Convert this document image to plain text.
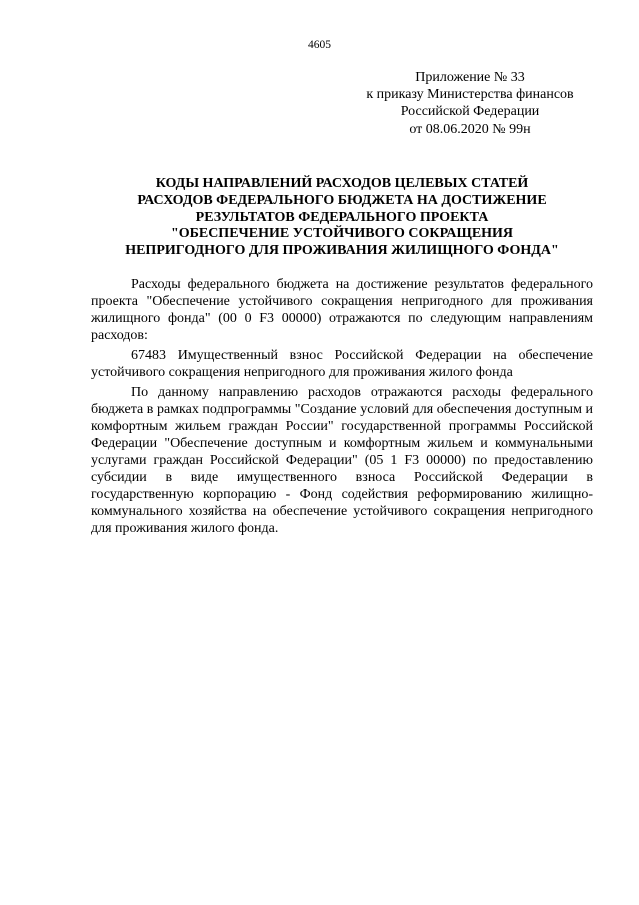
4605
Приложение № 33
к приказу Министерства финансов
Российской Федерации
от 08.06.2020 № 99н
КОДЫ НАПРАВЛЕНИЙ РАСХОДОВ ЦЕЛЕВЫХ СТАТЕЙ
РАСХОДОВ ФЕДЕРАЛЬНОГО БЮДЖЕТА НА ДОСТИЖЕНИЕ
РЕЗУЛЬТАТОВ ФЕДЕРАЛЬНОГО ПРОЕКТА
"ОБЕСПЕЧЕНИЕ УСТОЙЧИВОГО СОКРАЩЕНИЯ
НЕПРИГОДНОГО ДЛЯ ПРОЖИВАНИЯ ЖИЛИЩНОГО ФОНДА"

Расходы федерального бюджета на достижение результатов федерального проекта "Обеспечение устойчивого сокращения непригодного для проживания жилищного фонда" (00 0 F3 00000) отражаются по следующим направлениям расходов:

67483 Имущественный взнос Российской Федерации на обеспечение устойчивого сокращения непригодного для проживания жилого фонда

По данному направлению расходов отражаются расходы федерального бюджета в рамках подпрограммы "Создание условий для обеспечения доступным и комфортным жильем граждан России" государственной программы Российской Федерации "Обеспечение доступным и комфортным жильем и коммунальными услугами граждан Российской Федерации" (05 1 F3 00000) по предоставлению субсидии в виде имущественного взноса Российской Федерации в государственную корпорацию - Фонд содействия реформированию жилищно-коммунального хозяйства на обеспечение устойчивого сокращения непригодного для проживания жилого фонда.
